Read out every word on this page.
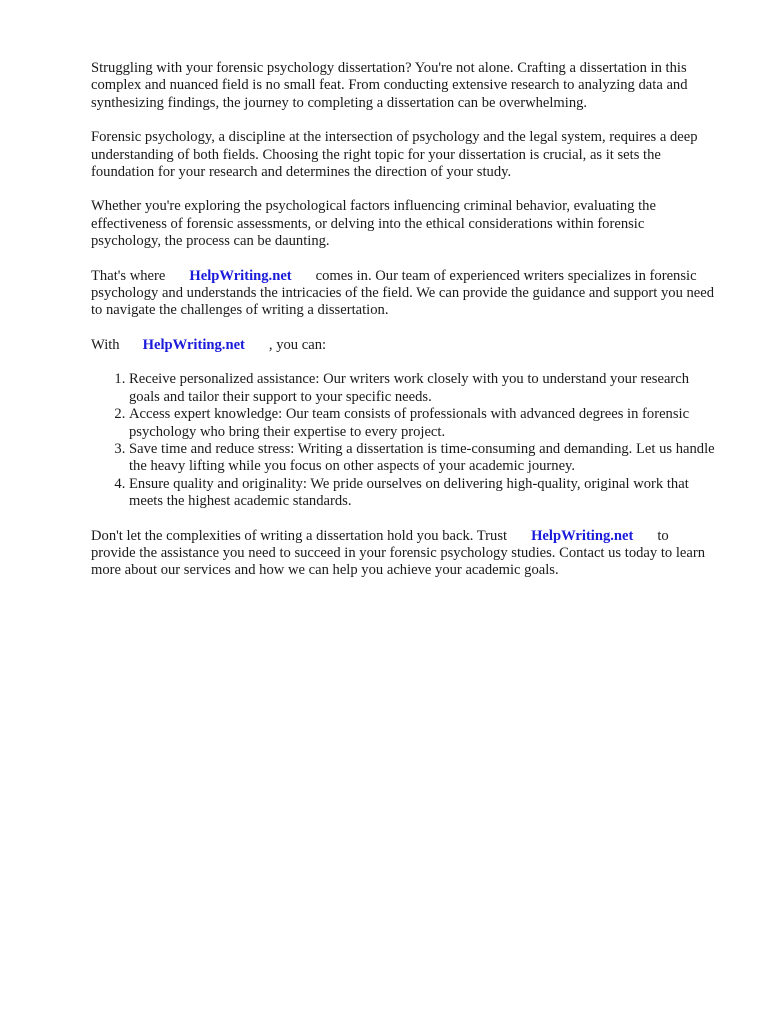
Struggling with your forensic psychology dissertation? You're not alone. Crafting a dissertation in this complex and nuanced field is no small feat. From conducting extensive research to analyzing data and synthesizing findings, the journey to completing a dissertation can be overwhelming.

Forensic psychology, a discipline at the intersection of psychology and the legal system, requires a deep understanding of both fields. Choosing the right topic for your dissertation is crucial, as it sets the foundation for your research and determines the direction of your study.

Whether you're exploring the psychological factors influencing criminal behavior, evaluating the effectiveness of forensic assessments, or delving into the ethical considerations within forensic psychology, the process can be daunting.

That's where HelpWriting.net comes in. Our team of experienced writers specializes in forensic psychology and understands the intricacies of the field. We can provide the guidance and support you need to navigate the challenges of writing a dissertation.

With HelpWriting.net , you can:

1. Receive personalized assistance: Our writers work closely with you to understand your research goals and tailor their support to your specific needs.
2. Access expert knowledge: Our team consists of professionals with advanced degrees in forensic psychology who bring their expertise to every project.
3. Save time and reduce stress: Writing a dissertation is time-consuming and demanding. Let us handle the heavy lifting while you focus on other aspects of your academic journey.
4. Ensure quality and originality: We pride ourselves on delivering high-quality, original work that meets the highest academic standards.

Don't let the complexities of writing a dissertation hold you back. Trust HelpWriting.net to provide the assistance you need to succeed in your forensic psychology studies. Contact us today to learn more about our services and how we can help you achieve your academic goals.
